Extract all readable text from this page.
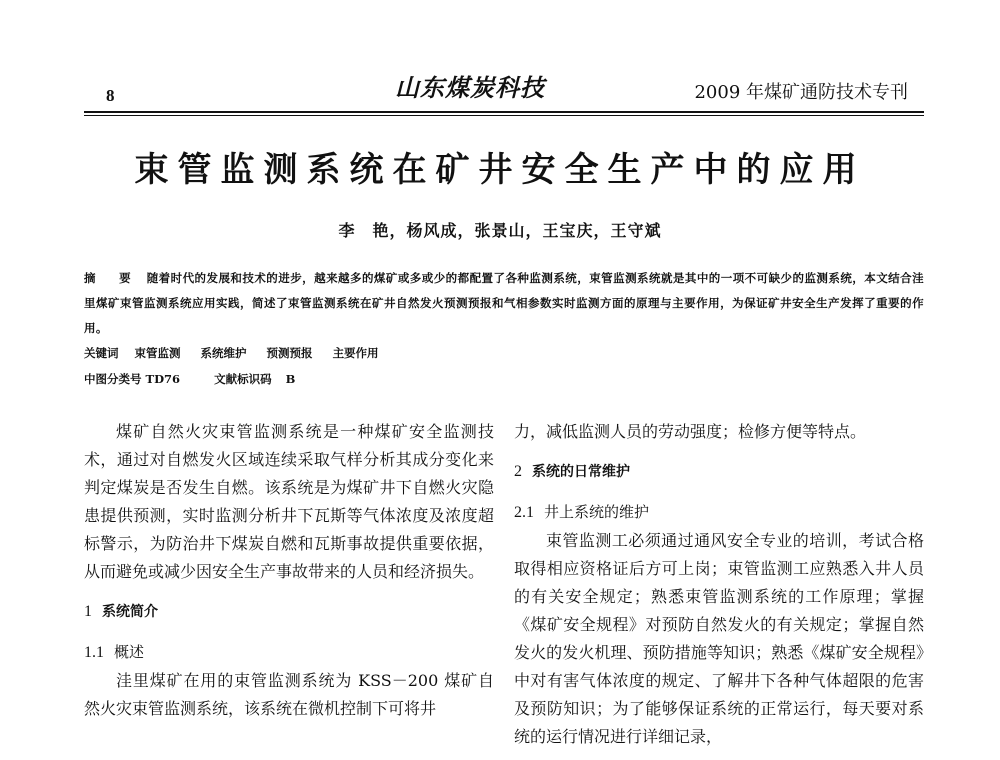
8	山东煤炭科技	2009 年煤矿通防技术专刊
束管监测系统在矿井安全生产中的应用
李　艳，杨风成，张景山，王宝庆，王守斌
摘　要 随着时代的发展和技术的进步，越来越多的煤矿或多或少的都配置了各种监测系统，束管监测系统就是其中的一项不可缺少的监测系统，本文结合洼里煤矿束管监测系统应用实践，简述了束管监测系统在矿井自然发火预测预报和气相参数实时监测方面的原理与主要作用，为保证矿井安全生产发挥了重要的作用。
关键词 束管监测 系统维护 预测预报 主要作用
中图分类号 TD76	文献标识码 B

煤矿自然火灾束管监测系统是一种煤矿安全监测技术，通过对自燃发火区域连续采取气样分析其成分变化来判定煤炭是否发生自燃。该系统是为煤矿井下自燃火灾隐患提供预测，实时监测分析井下瓦斯等气体浓度及浓度超标警示，为防治井下煤炭自燃和瓦斯事故提供重要依据，从而避免或减少因安全生产事故带来的人员和经济损失。

1 系统简介

1.1 概述

洼里煤矿在用的束管监测系统为 KSS－200 煤矿自然火灾束管监测系统，该系统在微机控制下可将井

力，减低监测人员的劳动强度；检修方便等特点。

2 系统的日常维护

2.1 井上系统的维护

束管监测工必须通过通风安全专业的培训，考试合格取得相应资格证后方可上岗；束管监测工应熟悉入井人员的有关安全规定；熟悉束管监测系统的工作原理；掌握《煤矿安全规程》对预防自然发火的有关规定；掌握自然发火的发火机理、预防措施等知识；熟悉《煤矿安全规程》中对有害气体浓度的规定、了解井下各种气体超限的危害及预防知识；为了能够保证系统的正常运行，每天要对系统的运行情况进行详细记录，
